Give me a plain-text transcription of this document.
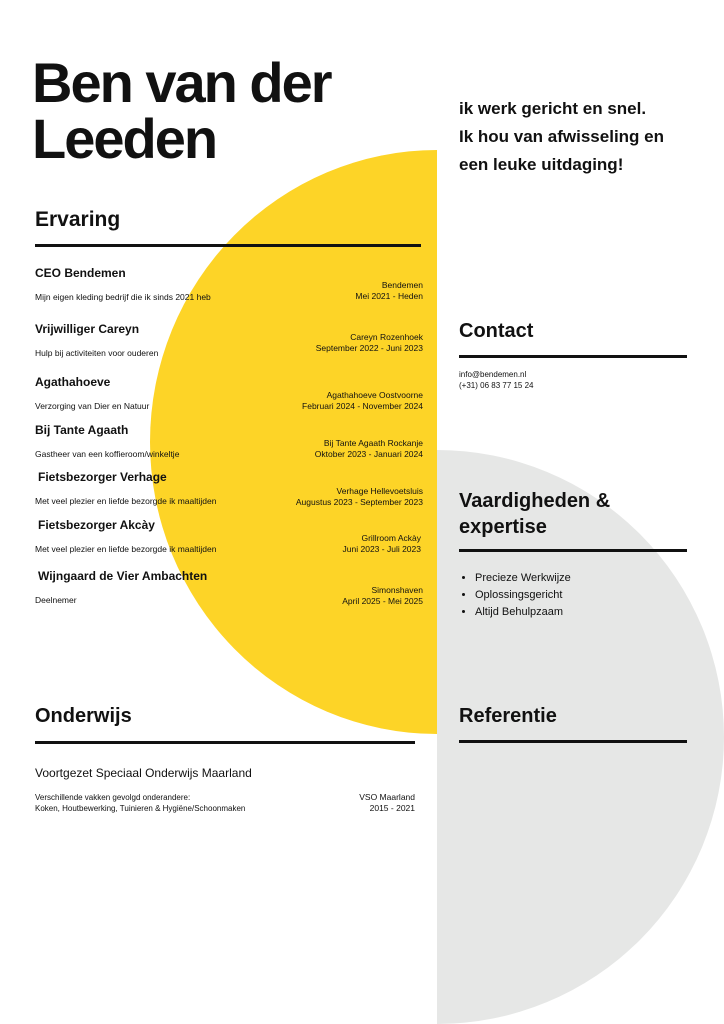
Ben van der
Leeden	ik werk gericht en snel.
Ik hou van afwisseling en
een leuke uitdaging!
Ervaring
CEO Bendemen
Mijn eigen kleding bedrijf die ik sinds 2021 heb
Bendemen
Mei 2021 - Heden
Vrijwilliger Careyn
Hulp bij activiteiten voor ouderen
Careyn Rozenhoek
September 2022 - Juni 2023
Agathahoeve
Verzorging van Dier en Natuur
Agathahoeve Oostvoorne
Februari 2024 - November 2024
Bij Tante Agaath
Gastheer van een koffieroom/winkeltje
Bij Tante Agaath Rockanje
Oktober 2023 - Januari 2024
Fietsbezorger Verhage
Met veel plezier en liefde bezorgde ik maaltijden
Verhage Hellevoetsluis
Augustus 2023 - September 2023
Fietsbezorger Akcày
Met veel plezier en liefde bezorgde ik maaltijden
Grillroom Ackày
Juni 2023 - Juli 2023
Wijngaard de Vier Ambachten
Deelnemer
Simonshaven
April 2025 - Mei 2025
Contact
info@bendemen.nl
(+31) 06 83 77 15 24
Vaardigheden &
expertise
• Precieze Werkwijze
• Oplossingsgericht
• Altijd Behulpzaam
Onderwijs
Voortgezet Speciaal Onderwijs Maarland
Verschillende vakken gevolgd onderandere:
Koken, Houtbewerking, Tuinieren & Hygiëne/Schoonmaken
VSO Maarland
2015 - 2021
Referentie
